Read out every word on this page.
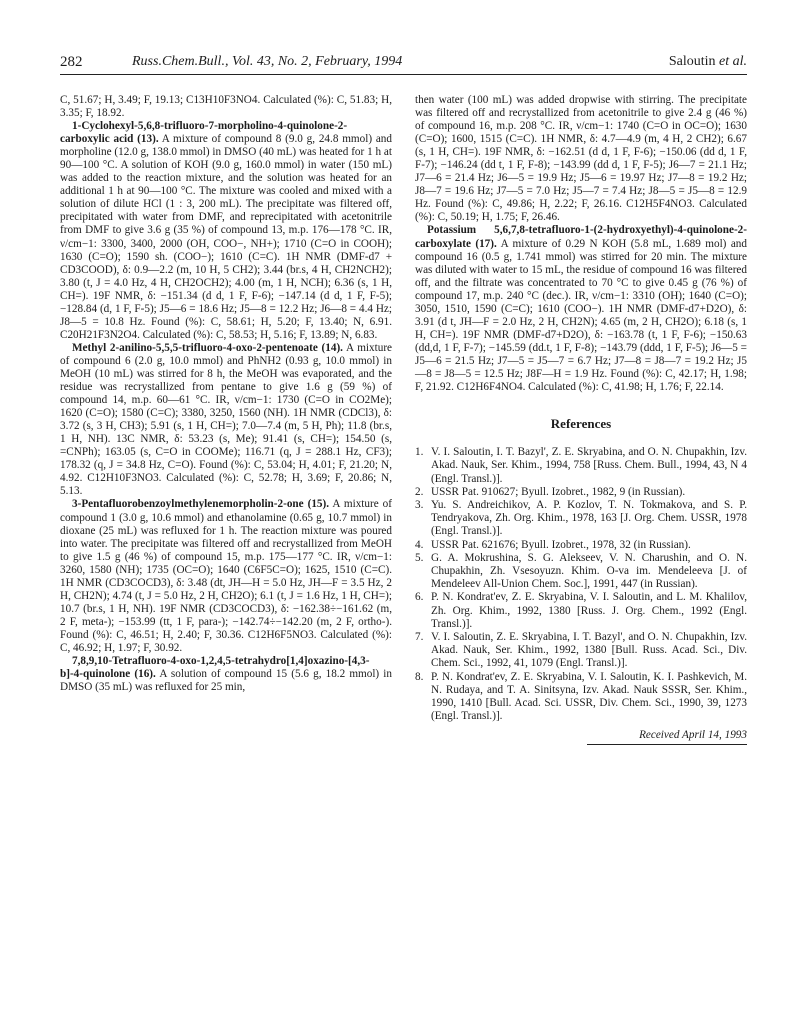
282	Russ.Chem.Bull., Vol. 43, No. 2, February, 1994	Saloutin et al.

C, 51.67; H, 3.49; F, 19.13; C13H10F3NO4. Calculated (%): C, 51.83; H, 3.35; F, 18.92.

1-Cyclohexyl-5,6,8-trifluoro-7-morpholino-4-quinolone-2-carboxylic acid (13). A mixture of compound 8 (9.0 g, 24.8 mmol) and morpholine (12.0 g, 138.0 mmol) in DMSO (40 mL) was heated for 1 h at 90—100 °C. A solution of KOH (9.0 g, 160.0 mmol) in water (150 mL) was added to the reaction mixture, and the solution was heated for an additional 1 h at 90—100 °C. The mixture was cooled and mixed with a solution of dilute HCl (1 : 3, 200 mL). The precipitate was filtered off, precipitated with water from DMF, and reprecipitated with acetonitrile from DMF to give 3.6 g (35 %) of compound 13, m.p. 176—178 °C. IR, ν/cm−1: 3300, 3400, 2000 (OH, COO−, NH+); 1710 (C=O in COOH); 1630 (C=O); 1590 sh. (COO−); 1610 (C=C). 1H NMR (DMF-d7 + CD3COOD), δ: 0.9—2.2 (m, 10 H, 5 CH2); 3.44 (br.s, 4 H, CH2NCH2); 3.80 (t, J = 4.0 Hz, 4 H, CH2OCH2); 4.00 (m, 1 H, NCH); 6.36 (s, 1 H, CH=). 19F NMR, δ: −151.34 (d d, 1 F, F-6); −147.14 (d d, 1 F, F-5); −128.84 (d, 1 F, F-5); J5—6 = 18.6 Hz; J5—8 = 12.2 Hz; J6—8 = 4.4 Hz; J8—5 = 10.8 Hz. Found (%): C, 58.61; H, 5.20; F, 13.40; N, 6.91. C20H21F3N2O4. Calculated (%): C, 58.53; H, 5.16; F, 13.89; N, 6.83.

Methyl 2-anilino-5,5,5-trifluoro-4-oxo-2-pentenoate (14). A mixture of compound 6 (2.0 g, 10.0 mmol) and PhNH2 (0.93 g, 10.0 mmol) in MeOH (10 mL) was stirred for 8 h, the MeOH was evaporated, and the residue was recrystallized from pentane to give 1.6 g (59 %) of compound 14, m.p. 60—61 °C. IR, ν/cm−1: 1730 (C=O in CO2Me); 1620 (C=O); 1580 (C=C); 3380, 3250, 1560 (NH). 1H NMR (CDCl3), δ: 3.72 (s, 3 H, CH3); 5.91 (s, 1 H, CH=); 7.0—7.4 (m, 5 H, Ph); 11.8 (br.s, 1 H, NH). 13C NMR, δ: 53.23 (s, Me); 91.41 (s, CH=); 154.50 (s, =CNPh); 163.05 (s, C=O in COOMe); 116.71 (q, J = 288.1 Hz, CF3); 178.32 (q, J = 34.8 Hz, C=O). Found (%): C, 53.04; H, 4.01; F, 21.20; N, 4.92. C12H10F3NO3. Calculated (%): C, 52.78; H, 3.69; F, 20.86; N, 5.13.

3-Pentafluorobenzoylmethylenemorpholin-2-one (15). A mixture of compound 1 (3.0 g, 10.6 mmol) and ethanolamine (0.65 g, 10.7 mmol) in dioxane (25 mL) was refluxed for 1 h. The reaction mixture was poured into water. The precipitate was filtered off and recrystallized from MeOH to give 1.5 g (46 %) of compound 15, m.p. 175—177 °C. IR, ν/cm−1: 3260, 1580 (NH); 1735 (OC=O); 1640 (C6F5C=O); 1625, 1510 (C=C). 1H NMR (CD3COCD3), δ: 3.48 (dt, JH—H = 5.0 Hz, JH—F = 3.5 Hz, 2 H, CH2N); 4.74 (t, J = 5.0 Hz, 2 H, CH2O); 6.1 (t, J = 1.6 Hz, 1 H, CH=); 10.7 (br.s, 1 H, NH). 19F NMR (CD3COCD3), δ: −162.38÷−161.62 (m, 2 F, meta-); −153.99 (tt, 1 F, para-); −142.74÷−142.20 (m, 2 F, ortho-). Found (%): C, 46.51; H, 2.40; F, 30.36. C12H6F5NO3. Calculated (%): C, 46.92; H, 1.97; F, 30.92.

7,8,9,10-Tetrafluoro-4-oxo-1,2,4,5-tetrahydro[1,4]oxazino-[4,3-b]-4-quinolone (16). A solution of compound 15 (5.6 g, 18.2 mmol) in DMSO (35 mL) was refluxed for 25 min,

then water (100 mL) was added dropwise with stirring. The precipitate was filtered off and recrystallized from acetonitrile to give 2.4 g (46 %) of compound 16, m.p. 208 °C. IR, ν/cm−1: 1740 (C=O in OC=O); 1630 (C=O); 1600, 1515 (C=C). 1H NMR, δ: 4.7—4.9 (m, 4 H, 2 CH2); 6.67 (s, 1 H, CH=). 19F NMR, δ: −162.51 (d d, 1 F, F-6); −150.06 (dd d, 1 F, F-7); −146.24 (dd t, 1 F, F-8); −143.99 (dd d, 1 F, F-5); J6—7 = 21.1 Hz; J7—6 = 21.4 Hz; J6—5 = 19.9 Hz; J5—6 = 19.97 Hz; J7—8 = 19.2 Hz; J8—7 = 19.6 Hz; J7—5 = 7.0 Hz; J5—7 = 7.4 Hz; J8—5 = J5—8 = 12.9 Hz. Found (%): C, 49.86; H, 2.22; F, 26.16. C12H5F4NO3. Calculated (%): C, 50.19; H, 1.75; F, 26.46.

Potassium 5,6,7,8-tetrafluoro-1-(2-hydroxyethyl)-4-quinolone-2-carboxylate (17). A mixture of 0.29 N KOH (5.8 mL, 1.689 mol) and compound 16 (0.5 g, 1.741 mmol) was stirred for 20 min. The mixture was diluted with water to 15 mL, the residue of compound 16 was filtered off, and the filtrate was concentrated to 70 °C to give 0.45 g (76 %) of compound 17, m.p. 240 °C (dec.). IR, ν/cm−1: 3310 (OH); 1640 (C=O); 3050, 1510, 1590 (C=C); 1610 (COO−). 1H NMR (DMF-d7+D2O), δ: 3.91 (d t, JH—F = 2.0 Hz, 2 H, CH2N); 4.65 (m, 2 H, CH2O); 6.18 (s, 1 H, CH=). 19F NMR (DMF-d7+D2O), δ: −163.78 (t, 1 F, F-6); −150.63 (dd,d, 1 F, F-7); −145.59 (dd.t, 1 F, F-8); −143.79 (ddd, 1 F, F-5); J6—5 = J5—6 = 21.5 Hz; J7—5 = J5—7 = 6.7 Hz; J7—8 = J8—7 = 19.2 Hz; J5—8 = J8—5 = 12.5 Hz; J8F—H = 1.9 Hz. Found (%): C, 42.17; H, 1.98; F, 21.92. C12H6F4NO4. Calculated (%): C, 41.98; H, 1.76; F, 22.14.

References

1. V. I. Saloutin, I. T. Bazyl', Z. E. Skryabina, and O. N. Chupakhin, Izv. Akad. Nauk, Ser. Khim., 1994, 758 [Russ. Chem. Bull., 1994, 43, N 4 (Engl. Transl.)].

2. USSR Pat. 910627; Byull. Izobret., 1982, 9 (in Russian).

3. Yu. S. Andreichikov, A. P. Kozlov, T. N. Tokmakova, and S. P. Tendryakova, Zh. Org. Khim., 1978, 163 [J. Org. Chem. USSR, 1978 (Engl. Transl.)].

4. USSR Pat. 621676; Byull. Izobret., 1978, 32 (in Russian).

5. G. A. Mokrushina, S. G. Alekseev, V. N. Charushin, and O. N. Chupakhin, Zh. Vsesoyuzn. Khim. O-va im. Mendeleeva [J. of Mendeleev All-Union Chem. Soc.], 1991, 447 (in Russian).

6. P. N. Kondrat'ev, Z. E. Skryabina, V. I. Saloutin, and L. M. Khalilov, Zh. Org. Khim., 1992, 1380 [Russ. J. Org. Chem., 1992 (Engl. Transl.)].

7. V. I. Saloutin, Z. E. Skryabina, I. T. Bazyl', and O. N. Chupakhin, Izv. Akad. Nauk, Ser. Khim., 1992, 1380 [Bull. Russ. Acad. Sci., Div. Chem. Sci., 1992, 41, 1079 (Engl. Transl.)].

8. P. N. Kondrat'ev, Z. E. Skryabina, V. I. Saloutin, K. I. Pashkevich, M. N. Rudaya, and T. A. Sinitsyna, Izv. Akad. Nauk SSSR, Ser. Khim., 1990, 1410 [Bull. Acad. Sci. USSR, Div. Chem. Sci., 1990, 39, 1273 (Engl. Transl.)].

Received April 14, 1993
